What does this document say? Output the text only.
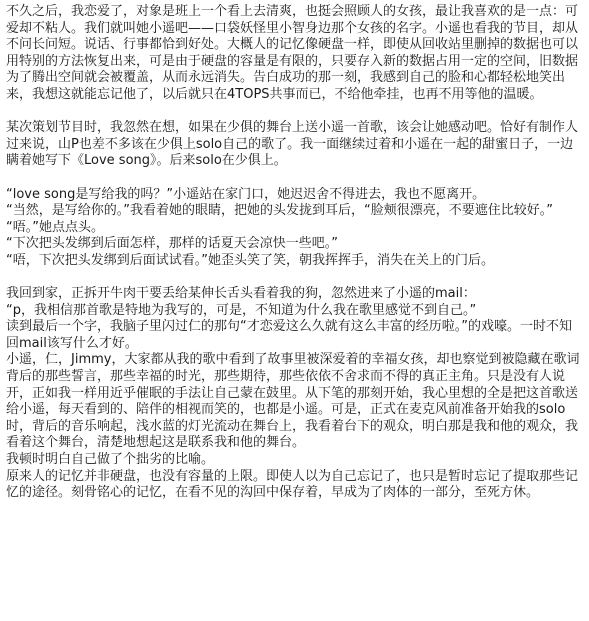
不久之后，我恋爱了，对象是班上一个看上去清爽，也挺会照顾人的女孩，最让我喜欢的是一点：可爱却不粘人。我们就叫她小遥吧——口袋妖怪里小智身边那个女孩的名字。小遥也看我的节目，却从不问长问短。说话、行事都恰到好处。大概人的记忆像硬盘一样，即使从回收站里删掉的数据也可以用特别的方法恢复出来，可是由于硬盘的容量是有限的，只要存入新的数据占用一定的空间，旧数据为了腾出空间就会被覆盖，从而永远消失。告白成功的那一刻，我感到自己的脸和心都轻松地笑出来，我想这就能忘记他了，以后就只在4TOPS共事而已，不给他牵挂，也再不用等他的温暖。

某次策划节目时，我忽然在想，如果在少俱的舞台上送小遥一首歌，该会让她感动吧。恰好有制作人过来说，山P也差不多该在少俱上solo自己的歌了。我一面继续过着和小遥在一起的甜蜜日子，一边瞒着她写下《Love song》。后来solo在少俱上。

“love song是写给我的吗？”小遥站在家门口，她迟迟舍不得进去，我也不愿离开。

“当然，是写给你的。”我看着她的眼睛，把她的头发拢到耳后，“脸颊很漂亮，不要遮住比较好。”

“唔。”她点点头。

“下次把头发绑到后面怎样，那样的话夏天会凉快一些吧。”

“唔，下次把头发绑到后面试试看。”她歪头笑了笑，朝我挥挥手，消失在关上的门后。

我回到家，正拆开牛肉干要丢给某伸长舌头看着我的狗，忽然进来了小遥的mail：

“p，我相信那首歌是特地为我写的，可是，不知道为什么我在歌里感觉不到自己。”

读到最后一个字，我脑子里闪过仁的那句“才恋爱这么久就有这么丰富的经历啦。”的戏嚎。一时不知回mail该写什么才好。

小遥，仁，Jimmy，大家都从我的歌中看到了故事里被深爱着的幸福女孩，却也察觉到被隐藏在歌词背后的那些誓言，那些幸福的时光，那些期待，那些依依不舍求而不得的真正主角。只是没有人说开，正如我一样用近乎催眠的手法让自己蒙在鼓里。从下笔的那刻开始，我心里想的全是把这首歌送给小遥，每天看到的、陪伴的相视而笑的，也都是小遥。可是，正式在麦克风前准备开始我的solo时，背后的音乐响起，浅水蓝的灯光流动在舞台上，我看着台下的观众，明白那是我和他的观众，我看着这个舞台，清楚地想起这是联系我和他的舞台。

我顿时明白自己做了个拙劣的比喻。

原来人的记忆并非硬盘，也没有容量的上限。即使人以为自己忘记了，也只是暂时忘记了提取那些记忆的途径。刻骨铭心的记忆，在看不见的沟回中保存着，早成为了肉体的一部分，至死方休。
